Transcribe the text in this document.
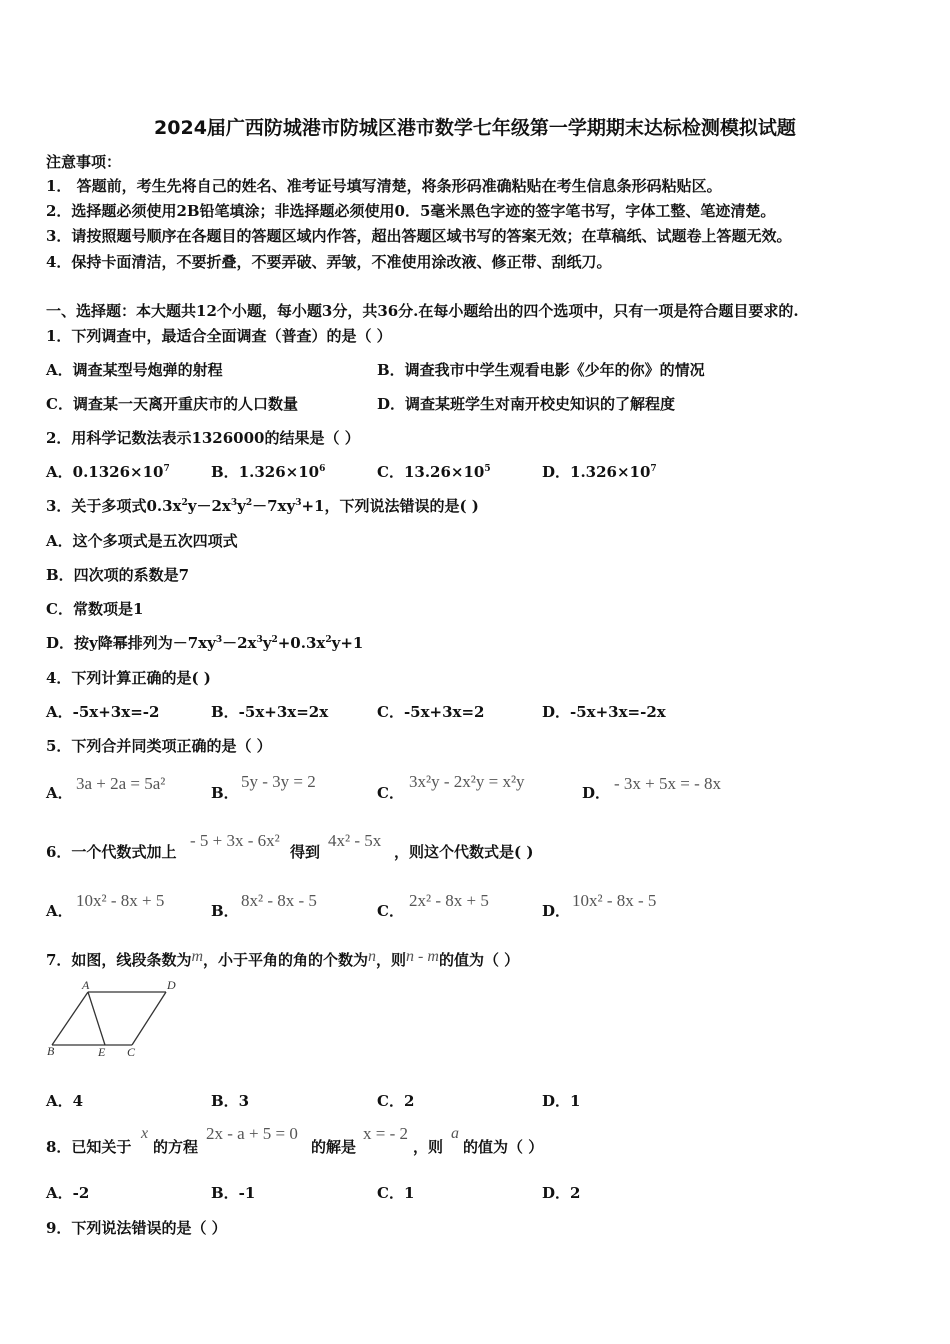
2024届广西防城港市防城区港市数学七年级第一学期期末达标检测模拟试题
注意事项：
1． 答题前，考生先将自己的姓名、准考证号填写清楚，将条形码准确粘贴在考生信息条形码粘贴区。
2．选择题必须使用2B铅笔填涂；非选择题必须使用0．5毫米黑色字迹的签字笔书写，字体工整、笔迹清楚。
3．请按照题号顺序在各题目的答题区域内作答，超出答题区域书写的答案无效；在草稿纸、试题卷上答题无效。
4．保持卡面清洁，不要折叠，不要弄破、弄皱，不准使用涂改液、修正带、刮纸刀。
一、选择题：本大题共12个小题，每小题3分，共36分.在每小题给出的四个选项中，只有一项是符合题目要求的.
1．下列调查中，最适合全面调查（普查）的是（ ）
A．调查某型号炮弹的射程	B．调查我市中学生观看电影《少年的你》的情况
C．调查某一天离开重庆市的人口数量	D．调查某班学生对南开校史知识的了解程度
2．用科学记数法表示1326000的结果是（ ）
A．$0.1326\times 10^7$	B．$1.326\times 10^6$	C．$13.26\times 10^5$	D．$1.326\times 10^7$
3．关于多项式$0.3x^2y-2x^3y^2-7xy^3+1$，下列说法错误的是( )
A．这个多项式是五次四项式
B．四次项的系数是7
C．常数项是1
D．按y降幂排列为$-7xy^3-2x^3y^2+0.3x^2y+1$
4．下列计算正确的是( )
A．-5x+3x=-2	B．-5x+3x=2x	C．-5x+3x=2	D．-5x+3x=-2x
5．下列合并同类项正确的是（ ）
A． 3a + 2a = 5a²	B．
5y - 3y = 2
C．
3x²y - 2x²y = x²y
D． - 3x + 5x = - 8x
6．一个代数式加上
- 5 + 3x - 6x²
得到
4x² - 5x
，则这个代数式是( )
A．
10x² - 8x + 5
B．
8x² - 8x - 5
C．
2x² - 8x + 5
D．
10x² - 8x - 5
7．如图，线段条数为m，小于平角的角的个数为n，则n - m的值为（ ）
A	D
B	E C
A．4	B．3	C．2	D．1
8．已知关于
x
的方程
2x - a + 5 = 0
的解是
x = - 2
，则
a
的值为（ ）
A．-2	B．-1	C．1	D．2
9．下列说法错误的是（ ）
